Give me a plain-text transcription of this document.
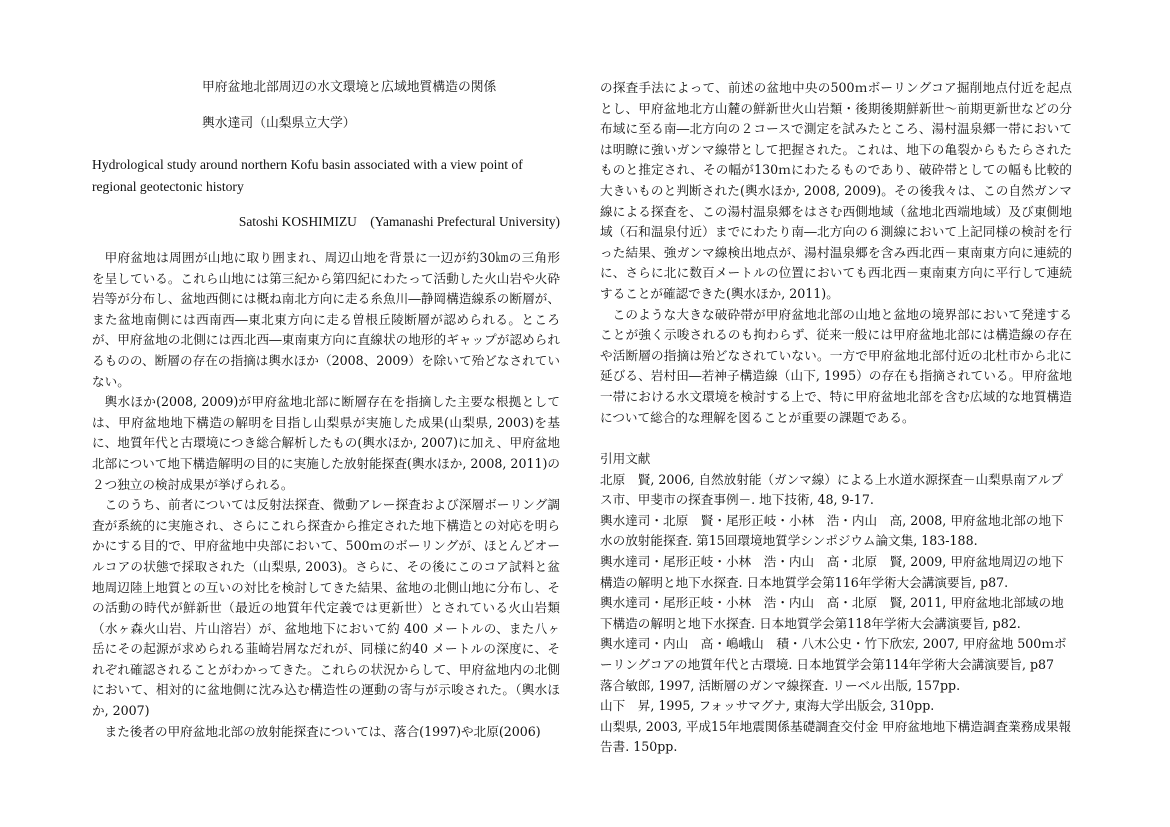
甲府盆地北部周辺の水文環境と広域地質構造の関係

輿水達司（山梨県立大学）

Hydrological study around northern Kofu basin associated with a view point of regional geotectonic history

Satoshi KOSHIMIZU　(Yamanashi Prefectural University)

甲府盆地は周囲が山地に取り囲まれ、周辺山地を背景に一辺が約30㎞の三角形を呈している。これら山地には第三紀から第四紀にわたって活動した火山岩や火砕岩等が分布し、盆地西側には概ね南北方向に走る糸魚川―静岡構造線系の断層が、また盆地南側には西南西―東北東方向に走る曽根丘陵断層が認められる。ところが、甲府盆地の北側には西北西―東南東方向に直線状の地形的ギャップが認められるものの、断層の存在の指摘は輿水ほか（2008、2009）を除いて殆どなされていない。

輿水ほか(2008, 2009)が甲府盆地北部に断層存在を指摘した主要な根拠としては、甲府盆地地下構造の解明を目指し山梨県が実施した成果(山梨県, 2003)を基に、地質年代と古環境につき総合解析したもの(輿水ほか, 2007)に加え、甲府盆地北部について地下構造解明の目的に実施した放射能探査(輿水ほか, 2008, 2011)の２つ独立の検討成果が挙げられる。

このうち、前者については反射法探査、微動アレー探査および深層ボーリング調査が系統的に実施され、さらにこれら探査から推定された地下構造との対応を明らかにする目的で、甲府盆地中央部において、500ｍのボーリングが、ほとんどオールコアの状態で採取された（山梨県, 2003)。さらに、その後にこのコア試料と盆地周辺陸上地質との互いの対比を検討してきた結果、盆地の北側山地に分布し、その活動の時代が鮮新世（最近の地質年代定義では更新世）とされている火山岩類（水ヶ森火山岩、片山溶岩）が、盆地地下において約 400 メートルの、また八ヶ岳にその起源が求められる韮崎岩屑なだれが、同様に約40 メートルの深度に、それぞれ確認されることがわかってきた。これらの状況からして、甲府盆地内の北側において、相対的に盆地側に沈み込む構造性の運動の寄与が示唆された。（輿水ほか, 2007)

また後者の甲府盆地北部の放射能探査については、落合(1997)や北原(2006)

の探査手法によって、前述の盆地中央の500ｍボーリングコア掘削地点付近を起点とし、甲府盆地北方山麓の鮮新世火山岩類・後期後期鮮新世～前期更新世などの分布域に至る南―北方向の２コースで測定を試みたところ、湯村温泉郷一帯においては明瞭に強いガンマ線帯として把握された。これは、地下の亀裂からもたらされたものと推定され、その幅が130ｍにわたるものであり、破砕帯としての幅も比較的大きいものと判断された(輿水ほか, 2008, 2009)。その後我々は、この自然ガンマ線による探査を、この湯村温泉郷をはさむ西側地域（盆地北西端地域）及び東側地域（石和温泉付近）までにわたり南―北方向の６測線において上記同様の検討を行った結果、強ガンマ線検出地点が、湯村温泉郷を含み西北西－東南東方向に連続的に、さらに北に数百メートルの位置においても西北西－東南東方向に平行して連続することが確認できた(輿水ほか, 2011)。

このような大きな破砕帯が甲府盆地北部の山地と盆地の境界部において発達することが強く示唆されるのも拘わらず、従来一般には甲府盆地北部には構造線の存在や活断層の指摘は殆どなされていない。一方で甲府盆地北部付近の北杜市から北に延びる、岩村田―若神子構造線（山下, 1995）の存在も指摘されている。甲府盆地一帯における水文環境を検討する上で、特に甲府盆地北部を含む広域的な地質構造について総合的な理解を図ることが重要の課題である。

引用文献

北原　賢, 2006, 自然放射能（ガンマ線）による上水道水源探査－山梨県南アルプス市、甲斐市の探査事例－. 地下技術, 48, 9-17.

輿水達司・北原　賢・尾形正岐・小林　浩・内山　高, 2008, 甲府盆地北部の地下水の放射能探査. 第15回環境地質学シンポジウム論文集, 183-188.

輿水達司・尾形正岐・小林　浩・内山　高・北原　賢, 2009, 甲府盆地周辺の地下構造の解明と地下水探査. 日本地質学会第116年学術大会講演要旨, p87.

輿水達司・尾形正岐・小林　浩・内山　高・北原　賢, 2011, 甲府盆地北部域の地下構造の解明と地下水探査. 日本地質学会第118年学術大会講演要旨, p82.

輿水達司・内山　高・嶋峨山　積・八木公史・竹下欣宏, 2007, 甲府盆地 500ｍボーリングコアの地質年代と古環境. 日本地質学会第114年学術大会講演要旨, p87

落合敏郎, 1997, 活断層のガンマ線探査. リーベル出版, 157pp.

山下　昇, 1995, フォッサマグナ, 東海大学出版会, 310pp.

山梨県, 2003, 平成15年地震関係基礎調査交付金 甲府盆地地下構造調査業務成果報告書. 150pp.
